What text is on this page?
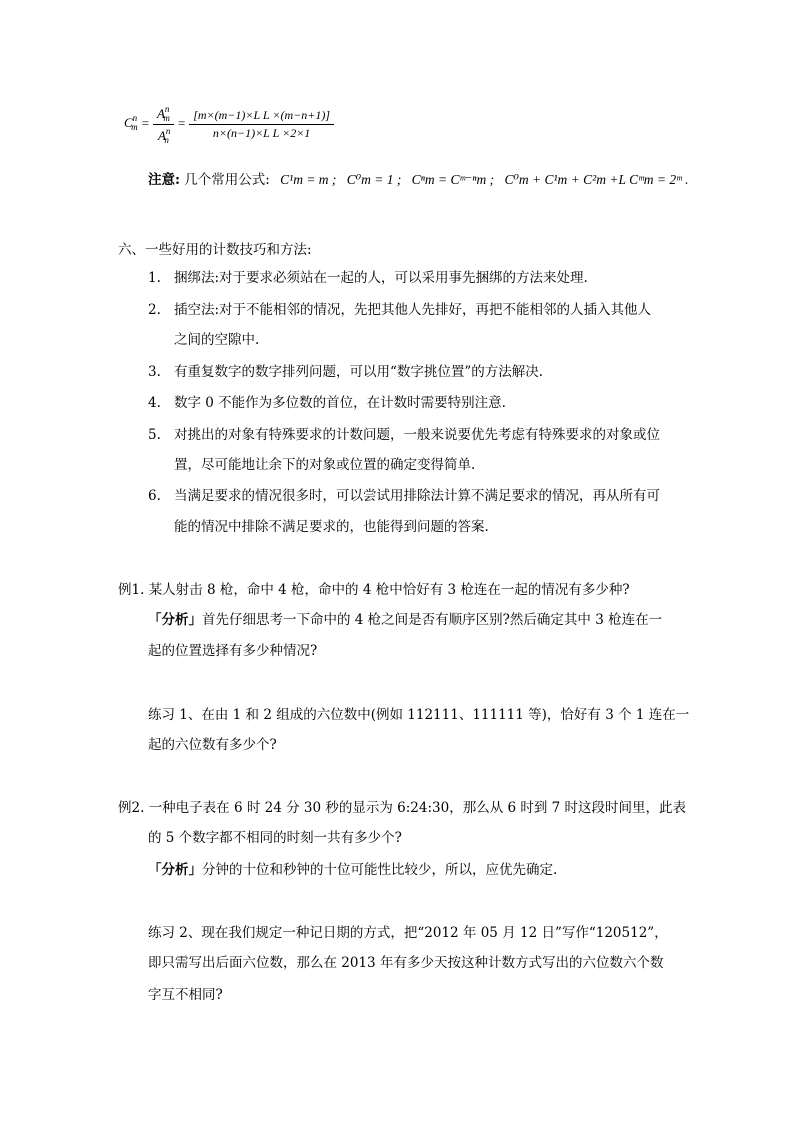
$C^n_m = \frac{A^n_m}{A^n_n} = \frac{\text{[m×(m−1)×L L ×(m−n+1)]}}{\text{n×(n−1)×L L ×2×1}}$
注意: 几个常用公式: C¹m = m ; C⁰m = 1 ; Cⁿm = Cᵐ⁻ⁿm ; C⁰m + C¹m + C²m +L Cᵐm = 2ᵐ .
六、一些好用的计数技巧和方法:
1. 捆绑法:对于要求必须站在一起的人，可以采用事先捆绑的方法来处理.
2. 插空法:对于不能相邻的情况，先把其他人先排好，再把不能相邻的人插入其他人
之间的空隙中.
3. 有重复数字的数字排列问题，可以用“数字挑位置”的方法解决.
4. 数字 0 不能作为多位数的首位，在计数时需要特别注意.
5. 对挑出的对象有特殊要求的计数问题，一般来说要优先考虑有特殊要求的对象或位
置，尽可能地让余下的对象或位置的确定变得简单.
6. 当满足要求的情况很多时，可以尝试用排除法计算不满足要求的情况，再从所有可
能的情况中排除不满足要求的，也能得到问题的答案.
例1. 某人射击 8 枪，命中 4 枪，命中的 4 枪中恰好有 3 枪连在一起的情况有多少种?
「分析」首先仔细思考一下命中的 4 枪之间是否有顺序区别?然后确定其中 3 枪连在一
起的位置选择有多少种情况?
练习 1、在由 1 和 2 组成的六位数中(例如 112111、111111 等)，恰好有 3 个 1 连在一
起的六位数有多少个?
例2. 一种电子表在 6 时 24 分 30 秒的显示为 6:24:30，那么从 6 时到 7 时这段时间里，此表
的 5 个数字都不相同的时刻一共有多少个?
「分析」分钟的十位和秒钟的十位可能性比较少，所以，应优先确定.
练习 2、现在我们规定一种记日期的方式，把“2012 年 05 月 12 日”写作“120512”，
即只需写出后面六位数，那么在 2013 年有多少天按这种计数方式写出的六位数六个数
字互不相同?
